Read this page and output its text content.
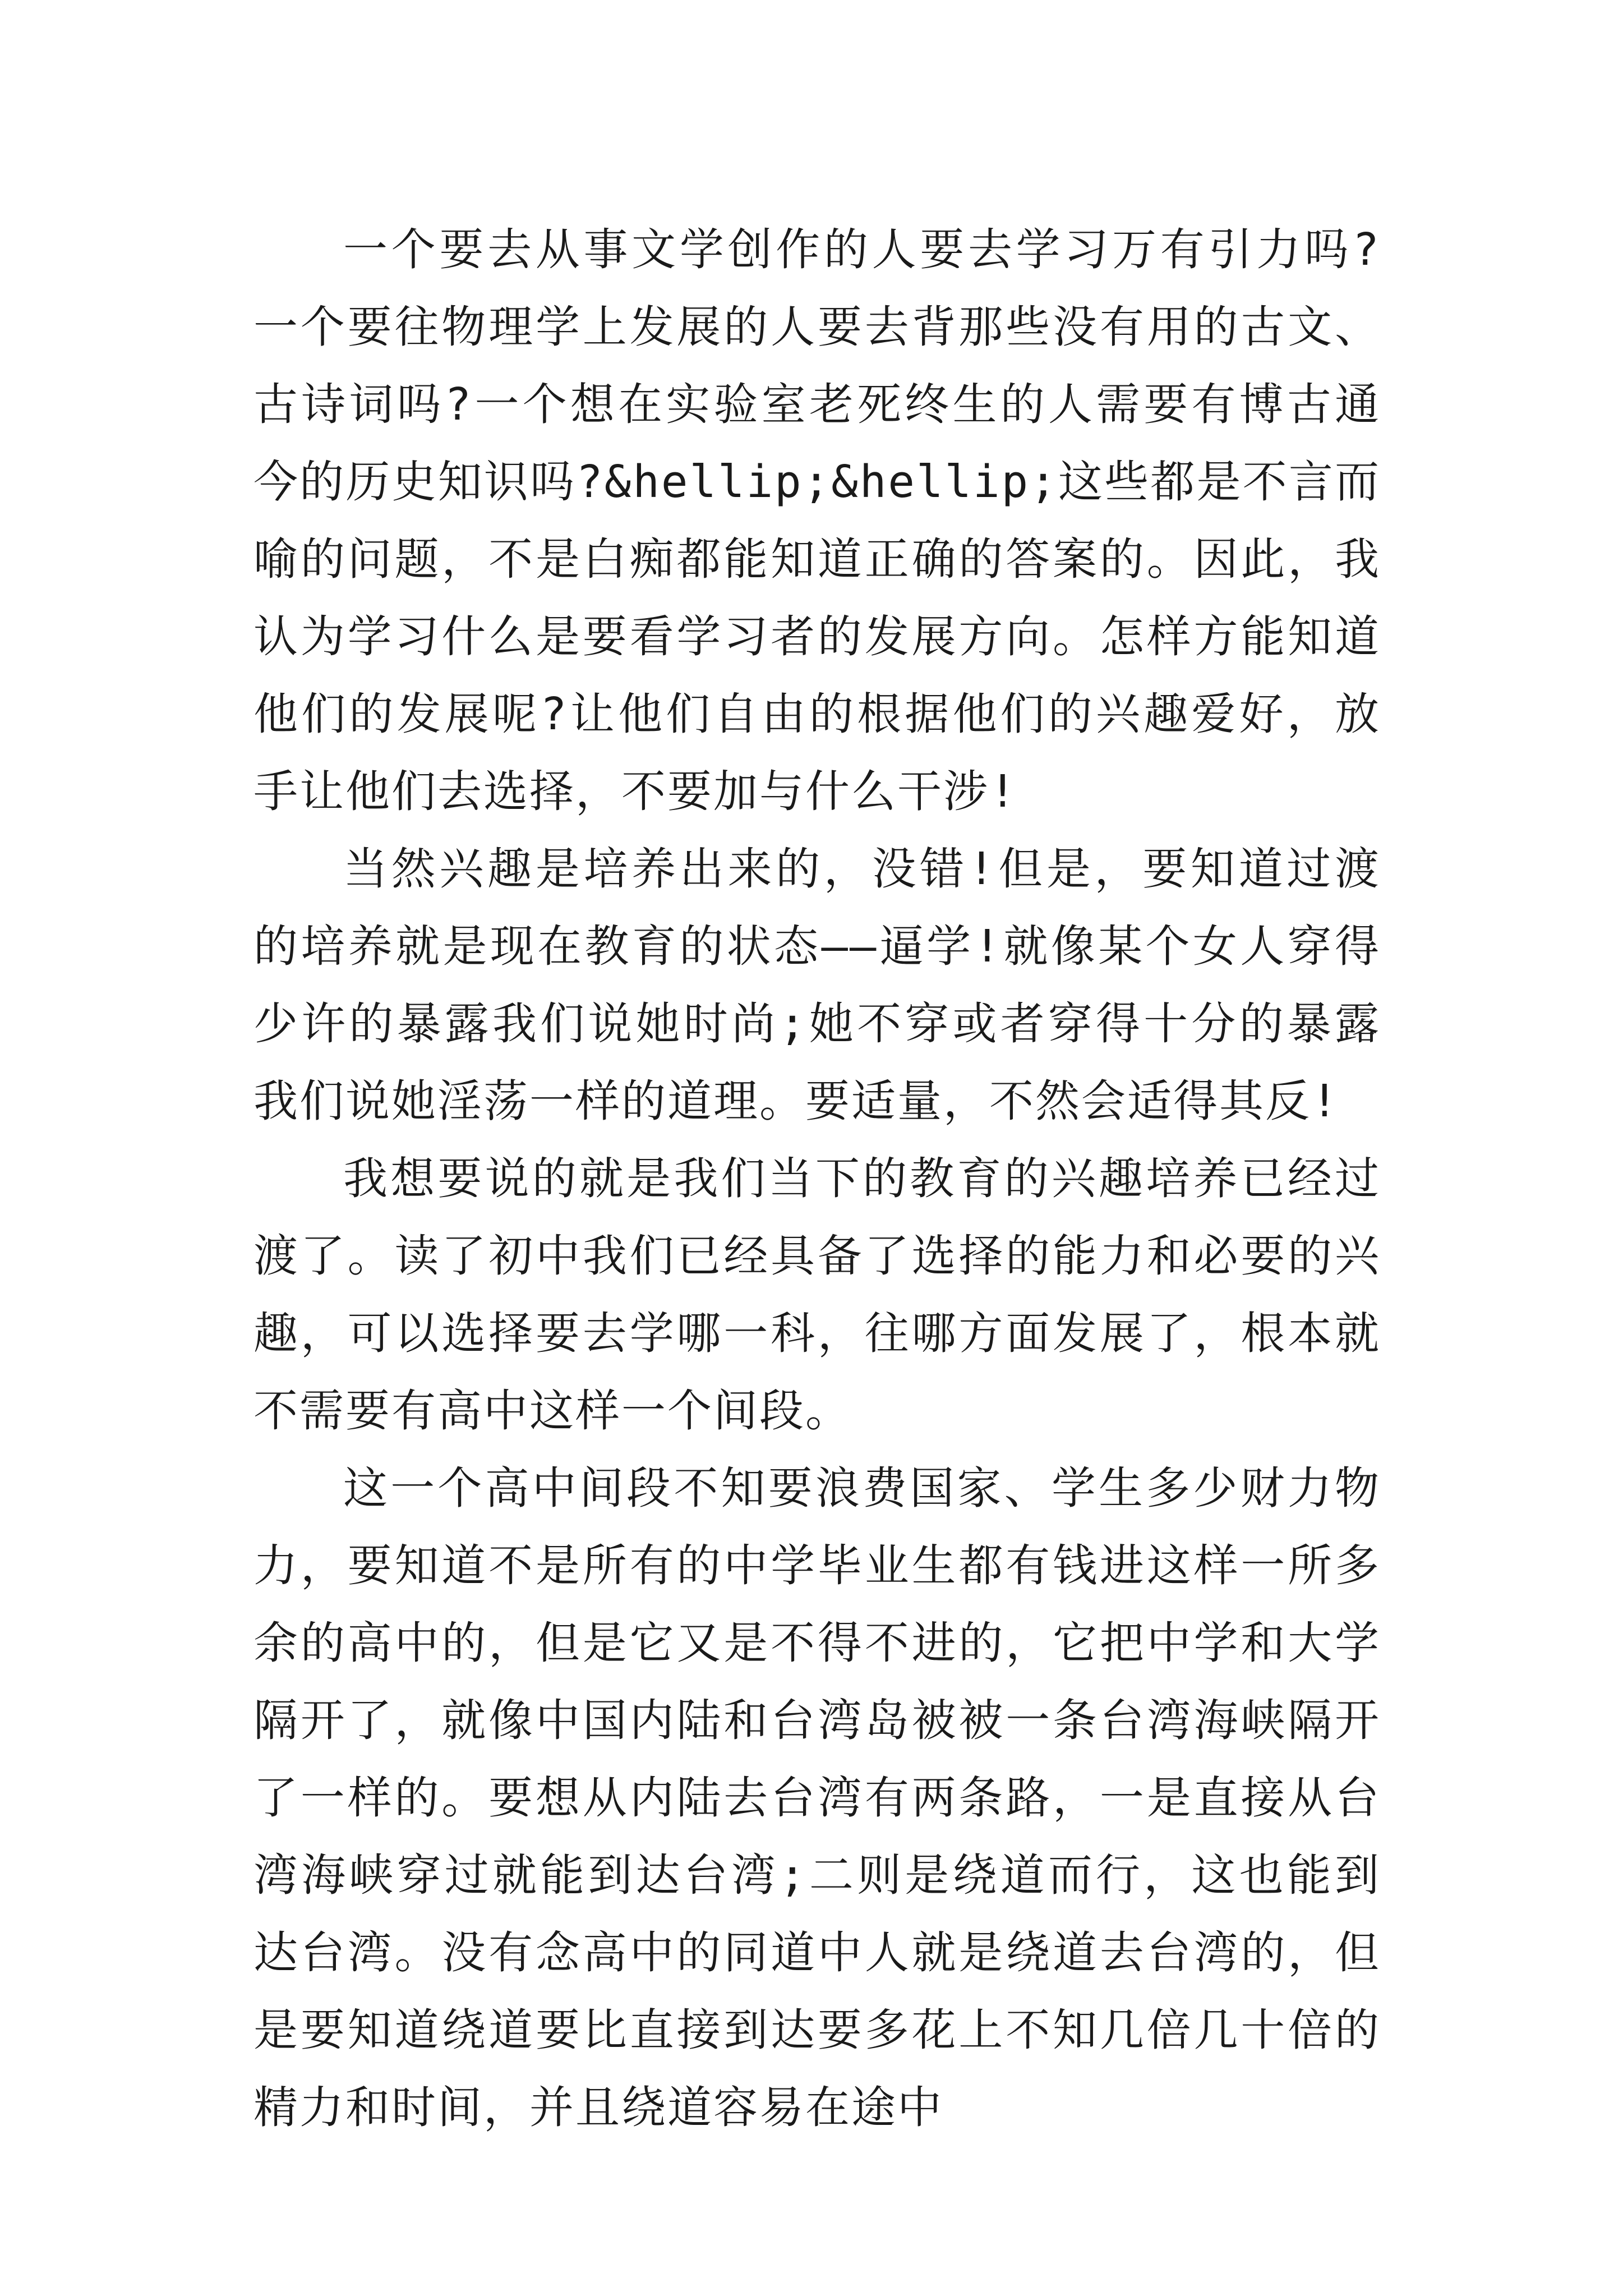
一个要去从事文学创作的人要去学习万有引力吗?一个要往物理学上发展的人要去背那些没有用的古文、古诗词吗?一个想在实验室老死终生的人需要有博古通今的历史知识吗?&hellip;&hellip;这些都是不言而喻的问题，不是白痴都能知道正确的答案的。因此，我认为学习什么是要看学习者的发展方向。怎样方能知道他们的发展呢?让他们自由的根据他们的兴趣爱好，放手让他们去选择，不要加与什么干涉!

当然兴趣是培养出来的，没错!但是，要知道过渡的培养就是现在教育的状态——逼学!就像某个女人穿得少许的暴露我们说她时尚;她不穿或者穿得十分的暴露我们说她淫荡一样的道理。要适量，不然会适得其反!

我想要说的就是我们当下的教育的兴趣培养已经过渡了。读了初中我们已经具备了选择的能力和必要的兴趣，可以选择要去学哪一科，往哪方面发展了，根本就不需要有高中这样一个间段。

这一个高中间段不知要浪费国家、学生多少财力物力，要知道不是所有的中学毕业生都有钱进这样一所多余的高中的，但是它又是不得不进的，它把中学和大学隔开了，就像中国内陆和台湾岛被被一条台湾海峡隔开了一样的。要想从内陆去台湾有两条路，一是直接从台湾海峡穿过就能到达台湾;二则是绕道而行，这也能到达台湾。没有念高中的同道中人就是绕道去台湾的，但是要知道绕道要比直接到达要多花上不知几倍几十倍的精力和时间，并且绕道容易在途中
